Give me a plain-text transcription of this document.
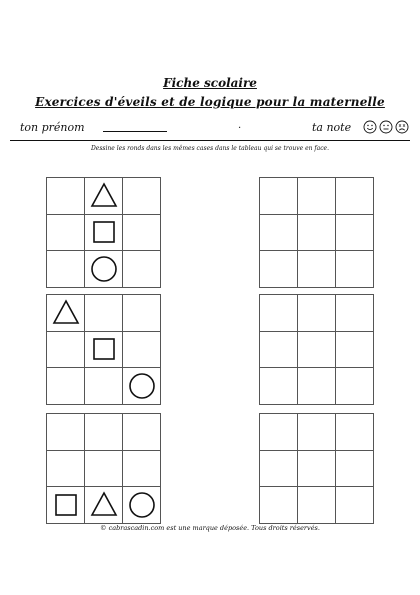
Fiche scolaire
Exercices d'éveils et de logique pour la maternelle
ton prénom	.	ta note
Dessine les ronds dans les mêmes cases dans le tableau qui se trouve en face.
© cabrascadin.com est une marque déposée. Tous droits réservés.
